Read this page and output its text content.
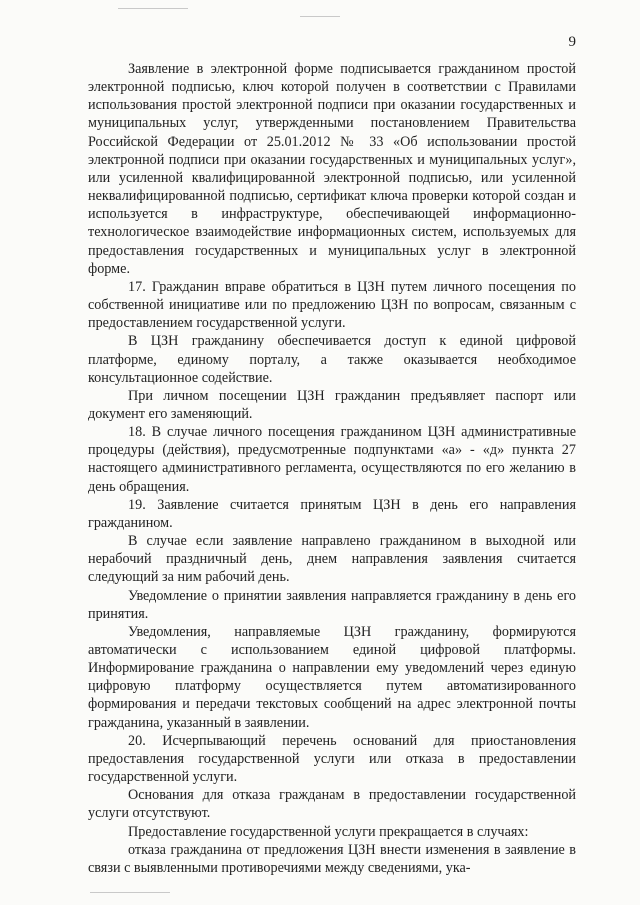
9

Заявление в электронной форме подписывается гражданином простой электронной подписью, ключ которой получен в соответствии с Правилами использования простой электронной подписи при оказании государственных и муниципальных услуг, утвержденными постановлением Правительства Российской Федерации от 25.01.2012 № 33 «Об использовании простой электронной подписи при оказании государственных и муниципальных услуг», или усиленной квалифицированной электронной подписью, или усиленной неквалифицированной подписью, сертификат ключа проверки которой создан и используется в инфраструктуре, обеспечивающей информационно-технологическое взаимодействие информационных систем, используемых для предоставления государственных и муниципальных услуг в электронной форме.

17. Гражданин вправе обратиться в ЦЗН путем личного посещения по собственной инициативе или по предложению ЦЗН по вопросам, связанным с предоставлением государственной услуги.

В ЦЗН гражданину обеспечивается доступ к единой цифровой платформе, единому порталу, а также оказывается необходимое консультационное содействие.

При личном посещении ЦЗН гражданин предъявляет паспорт или документ его заменяющий.

18. В случае личного посещения гражданином ЦЗН административные процедуры (действия), предусмотренные подпунктами «а» - «д» пункта 27 настоящего административного регламента, осуществляются по его желанию в день обращения.

19. Заявление считается принятым ЦЗН в день его направления гражданином.

В случае если заявление направлено гражданином в выходной или нерабочий праздничный день, днем направления заявления считается следующий за ним рабочий день.

Уведомление о принятии заявления направляется гражданину в день его принятия.

Уведомления, направляемые ЦЗН гражданину, формируются автоматически с использованием единой цифровой платформы. Информирование гражданина о направлении ему уведомлений через единую цифровую платформу осуществляется путем автоматизированного формирования и передачи текстовых сообщений на адрес электронной почты гражданина, указанный в заявлении.

20. Исчерпывающий перечень оснований для приостановления предоставления государственной услуги или отказа в предоставлении государственной услуги.

Основания для отказа гражданам в предоставлении государственной услуги отсутствуют.

Предоставление государственной услуги прекращается в случаях:

отказа гражданина от предложения ЦЗН внести изменения в заявление в связи с выявленными противоречиями между сведениями, ука-
